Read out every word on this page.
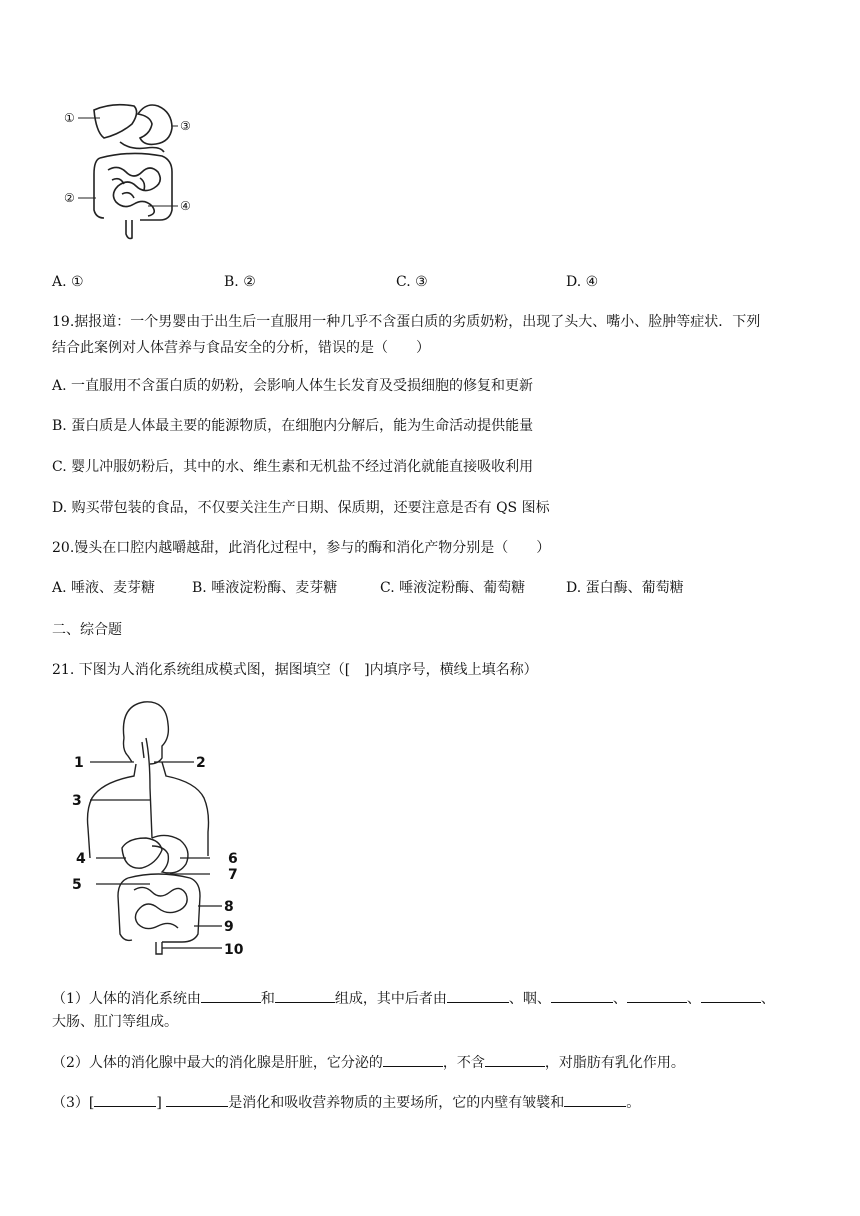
①
③
②
④
A. ①	B. ②	C. ③	D. ④
19.据报道：一个男婴由于出生后一直服用一种几乎不含蛋白质的劣质奶粉，出现了头大、嘴小、脸肿等症状．下列
结合此案例对人体营养与食品安全的分析，错误的是（　　）
A. 一直服用不含蛋白质的奶粉，会影响人体生长发育及受损细胞的修复和更新
B. 蛋白质是人体最主要的能源物质，在细胞内分解后，能为生命活动提供能量
C. 婴儿冲服奶粉后，其中的水、维生素和无机盐不经过消化就能直接吸收利用
D. 购买带包装的食品，不仅要关注生产日期、保质期，还要注意是否有 QS 图标
20.馒头在口腔内越嚼越甜，此消化过程中，参与的酶和消化产物分别是（　　）
A. 唾液、麦芽糖	B. 唾液淀粉酶、麦芽糖	C. 唾液淀粉酶、葡萄糖	D. 蛋白酶、葡萄糖
二、综合题
21. 下图为人消化系统组成模式图，据图填空（[　]内填序号，横线上填名称）
1	2
3
4
5
6
7
8
9
10
（1）人体的消化系统由	和	组成，其中后者由	、咽、	、	、	、
大肠、肛门等组成。
（2）人体的消化腺中最大的消化腺是肝脏，它分泌的	，不含	，对脂肪有乳化作用。
（3）[	]	是消化和吸收营养物质的主要场所，它的内壁有皱襞和	。
